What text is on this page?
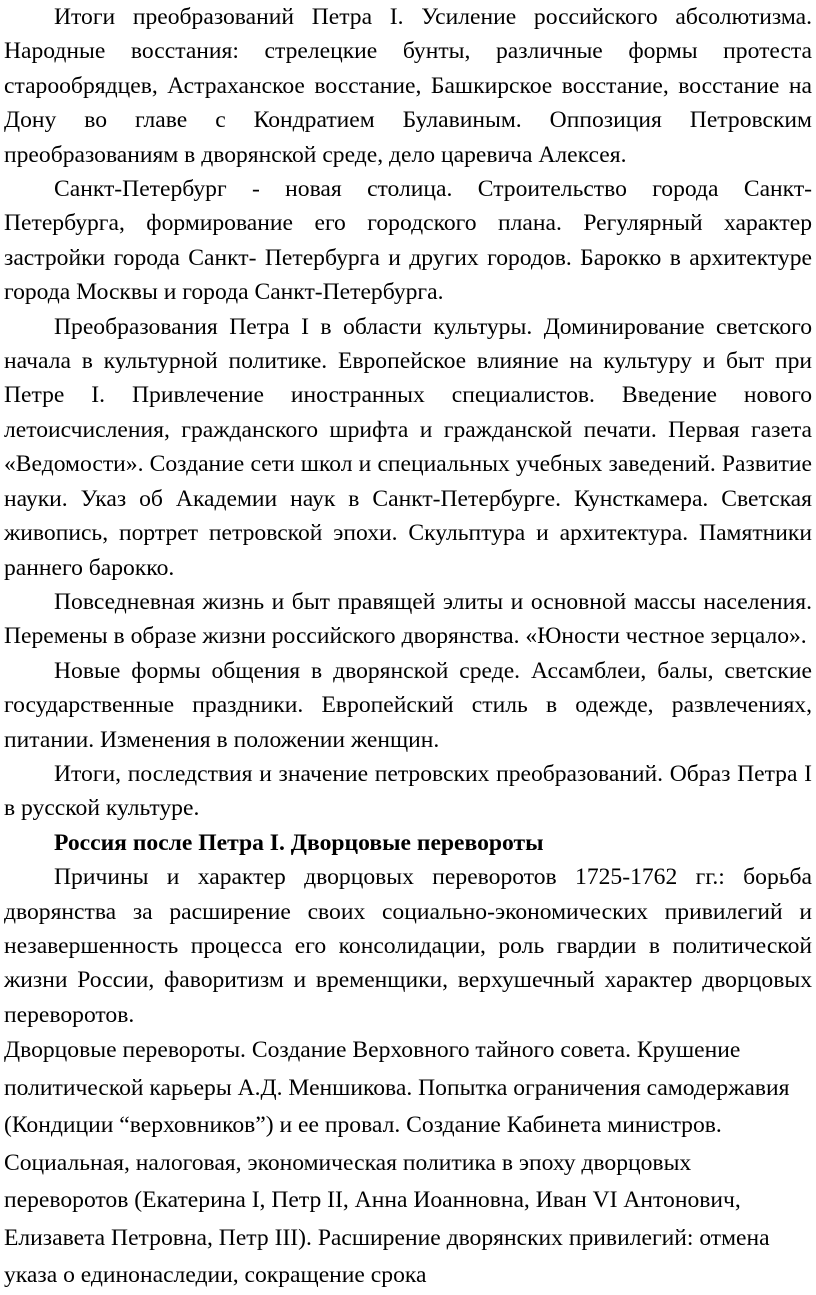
Итоги преобразований Петра I. Усиление российского абсолютизма. Народные восстания: стрелецкие бунты, различные формы протеста старообрядцев, Астраханское восстание, Башкирское восстание, восстание на Дону во главе с Кондратием Булавиным. Оппозиция Петровским преобразованиям в дворянской среде, дело царевича Алексея.

Санкт-Петербург - новая столица. Строительство города Санкт-Петербурга, формирование его городского плана. Регулярный характер застройки города Санкт- Петербурга и других городов. Барокко в архитектуре города Москвы и города Санкт-Петербурга.

Преобразования Петра I в области культуры. Доминирование светского начала в культурной политике. Европейское влияние на культуру и быт при Петре I. Привлечение иностранных специалистов. Введение нового летоисчисления, гражданского шрифта и гражданской печати. Первая газета «Ведомости». Создание сети школ и специальных учебных заведений. Развитие науки. Указ об Академии наук в Санкт-Петербурге. Кунсткамера. Светская живопись, портрет петровской эпохи. Скульптура и архитектура. Памятники раннего барокко.

Повседневная жизнь и быт правящей элиты и основной массы населения. Перемены в образе жизни российского дворянства. «Юности честное зерцало».

Новые формы общения в дворянской среде. Ассамблеи, балы, светские государственные праздники. Европейский стиль в одежде, развлечениях, питании. Изменения в положении женщин.

Итоги, последствия и значение петровских преобразований. Образ Петра I в русской культуре.

Россия после Петра I. Дворцовые перевороты

Причины и характер дворцовых переворотов 1725-1762 гг.: борьба дворянства за расширение своих социально-экономических привилегий и незавершенность процесса его консолидации, роль гвардии в политической жизни России, фаворитизм и временщики, верхушечный характер дворцовых переворотов.

Дворцовые перевороты. Создание Верховного тайного совета. Крушение политической карьеры А.Д. Меншикова. Попытка ограничения самодержавия (Кондиции “верховников”) и ее провал. Создание Кабинета министров. Социальная, налоговая, экономическая политика в эпоху дворцовых переворотов (Екатерина I, Петр II, Анна Иоанновна, Иван VI Антонович, Елизавета Петровна, Петр III). Расширение дворянских привилегий: отмена указа о единонаследии, сокращение срока
